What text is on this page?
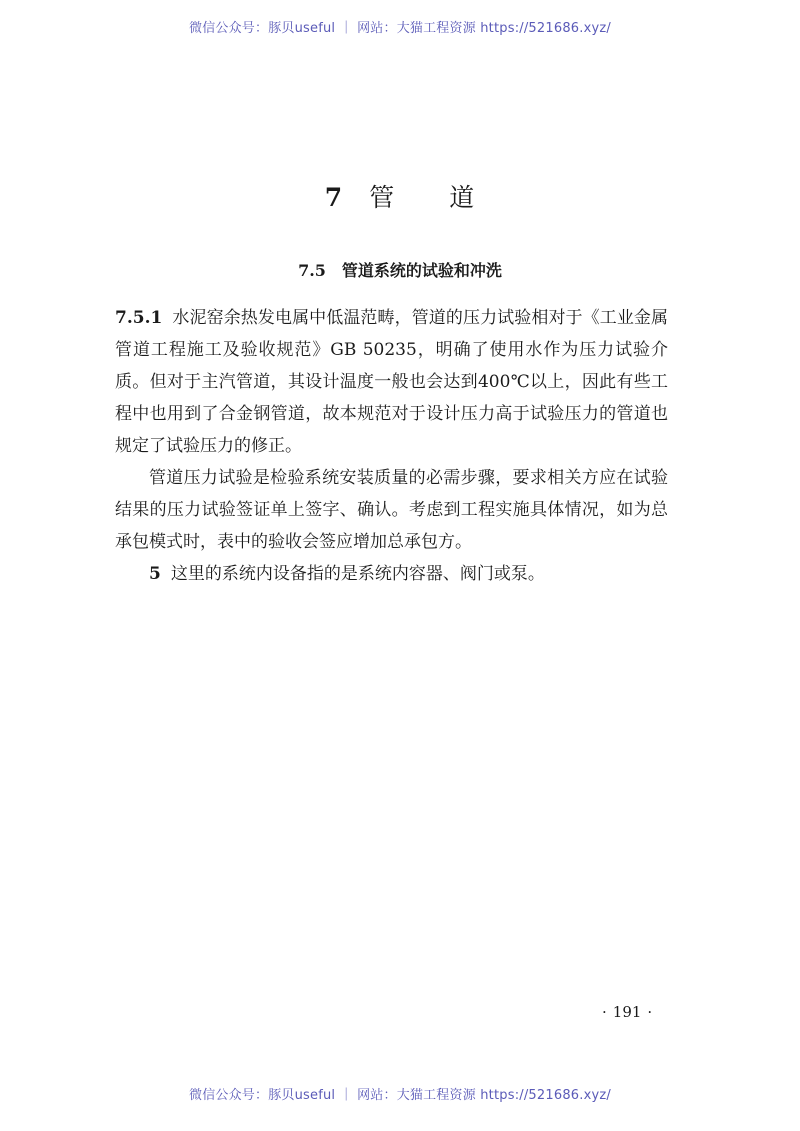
微信公众号：豚贝useful ｜ 网站：大猫工程资源 https://521686.xyz/
7 管 道
7.5 管道系统的试验和冲洗

7.5.1 水泥窑余热发电属中低温范畴，管道的压力试验相对于《工业金属管道工程施工及验收规范》GB 50235，明确了使用水作为压力试验介质。但对于主汽管道，其设计温度一般也会达到400℃以上，因此有些工程中也用到了合金钢管道，故本规范对于设计压力高于试验压力的管道也规定了试验压力的修正。

管道压力试验是检验系统安装质量的必需步骤，要求相关方应在试验结果的压力试验签证单上签字、确认。考虑到工程实施具体情况，如为总承包模式时，表中的验收会签应增加总承包方。

5 这里的系统内设备指的是系统内容器、阀门或泵。

· 191 ·
微信公众号：豚贝useful ｜ 网站：大猫工程资源 https://521686.xyz/
